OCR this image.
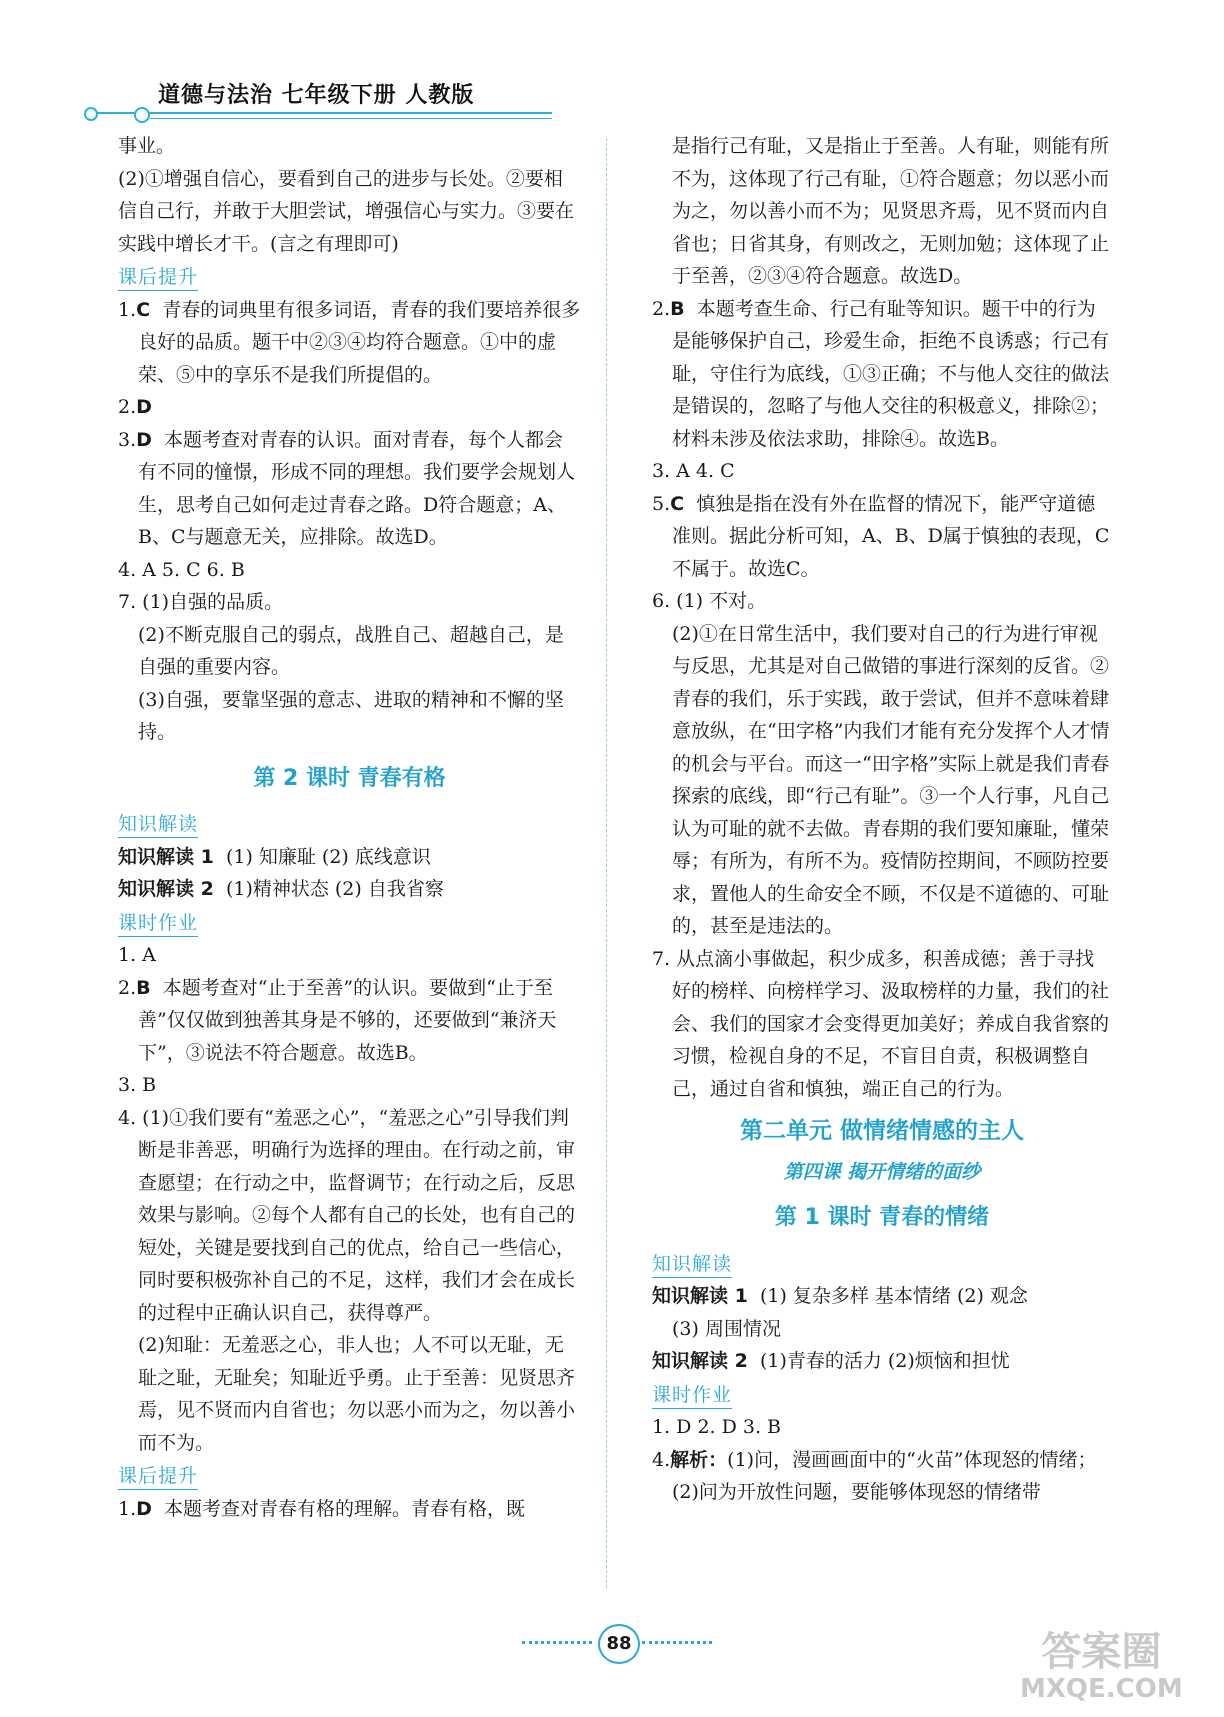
道德与法治 七年级下册 人教版

事业。

(2)①增强自信心，要看到自己的进步与长处。②要相信自己行，并敢于大胆尝试，增强信心与实力。③要在实践中增长才干。(言之有理即可)

课后提升

1.C 青春的词典里有很多词语，青春的我们要培养很多良好的品质。题干中②③④均符合题意。①中的虚荣、⑤中的享乐不是我们所提倡的。

2.D

3.D 本题考查对青春的认识。面对青春，每个人都会有不同的憧憬，形成不同的理想。我们要学会规划人生，思考自己如何走过青春之路。D符合题意；A、B、C与题意无关，应排除。故选D。

4. A 5. C 6. B

7. (1)自强的品质。

(2)不断克服自己的弱点，战胜自己、超越自己，是自强的重要内容。

(3)自强，要靠坚强的意志、进取的精神和不懈的坚持。

第 2 课时 青春有格
知识解读

知识解读 1 (1) 知廉耻 (2) 底线意识

知识解读 2 (1)精神状态 (2) 自我省察

课时作业

1. A

2.B 本题考查对“止于至善”的认识。要做到“止于至善”仅仅做到独善其身是不够的，还要做到“兼济天下”，③说法不符合题意。故选B。

3. B

4. (1)①我们要有“羞恶之心”，“羞恶之心”引导我们判断是非善恶，明确行为选择的理由。在行动之前，审查愿望；在行动之中，监督调节；在行动之后，反思效果与影响。②每个人都有自己的长处，也有自己的短处，关键是要找到自己的优点，给自己一些信心，同时要积极弥补自己的不足，这样，我们才会在成长的过程中正确认识自己，获得尊严。

(2)知耻：无羞恶之心，非人也；人不可以无耻，无耻之耻，无耻矣；知耻近乎勇。止于至善：见贤思齐焉，见不贤而内自省也；勿以恶小而为之，勿以善小而不为。

课后提升

1.D 本题考查对青春有格的理解。青春有格，既

是指行己有耻，又是指止于至善。人有耻，则能有所不为，这体现了行己有耻，①符合题意；勿以恶小而为之，勿以善小而不为；见贤思齐焉，见不贤而内自省也；日省其身，有则改之，无则加勉；这体现了止于至善，②③④符合题意。故选D。

2.B 本题考查生命、行己有耻等知识。题干中的行为是能够保护自己，珍爱生命，拒绝不良诱惑；行己有耻，守住行为底线，①③正确；不与他人交往的做法是错误的，忽略了与他人交往的积极意义，排除②；材料未涉及依法求助，排除④。故选B。

3. A 4. C

5.C 慎独是指在没有外在监督的情况下，能严守道德准则。据此分析可知，A、B、D属于慎独的表现，C不属于。故选C。

6. (1) 不对。

(2)①在日常生活中，我们要对自己的行为进行审视与反思，尤其是对自己做错的事进行深刻的反省。②青春的我们，乐于实践，敢于尝试，但并不意味着肆意放纵，在“田字格”内我们才能有充分发挥个人才情的机会与平台。而这一“田字格”实际上就是我们青春探索的底线，即“行己有耻”。③一个人行事，凡自己认为可耻的就不去做。青春期的我们要知廉耻，懂荣辱；有所为，有所不为。疫情防控期间，不顾防控要求，置他人的生命安全不顾，不仅是不道德的、可耻的，甚至是违法的。

7. 从点滴小事做起，积少成多，积善成德；善于寻找好的榜样、向榜样学习、汲取榜样的力量，我们的社会、我们的国家才会变得更加美好；养成自我省察的习惯，检视自身的不足，不盲目自责，积极调整自己，通过自省和慎独，端正自己的行为。

第二单元 做情绪情感的主人
第四课 揭开情绪的面纱
第 1 课时 青春的情绪
知识解读

知识解读 1 (1) 复杂多样 基本情绪 (2) 观念

(3) 周围情况

知识解读 2 (1)青春的活力 (2)烦恼和担忧

课时作业

1. D 2. D 3. B

4.解析：(1)问，漫画画面中的“火苗”体现怒的情绪；(2)问为开放性问题，要能够体现怒的情绪带

88	答案圈
MXQE.COM
